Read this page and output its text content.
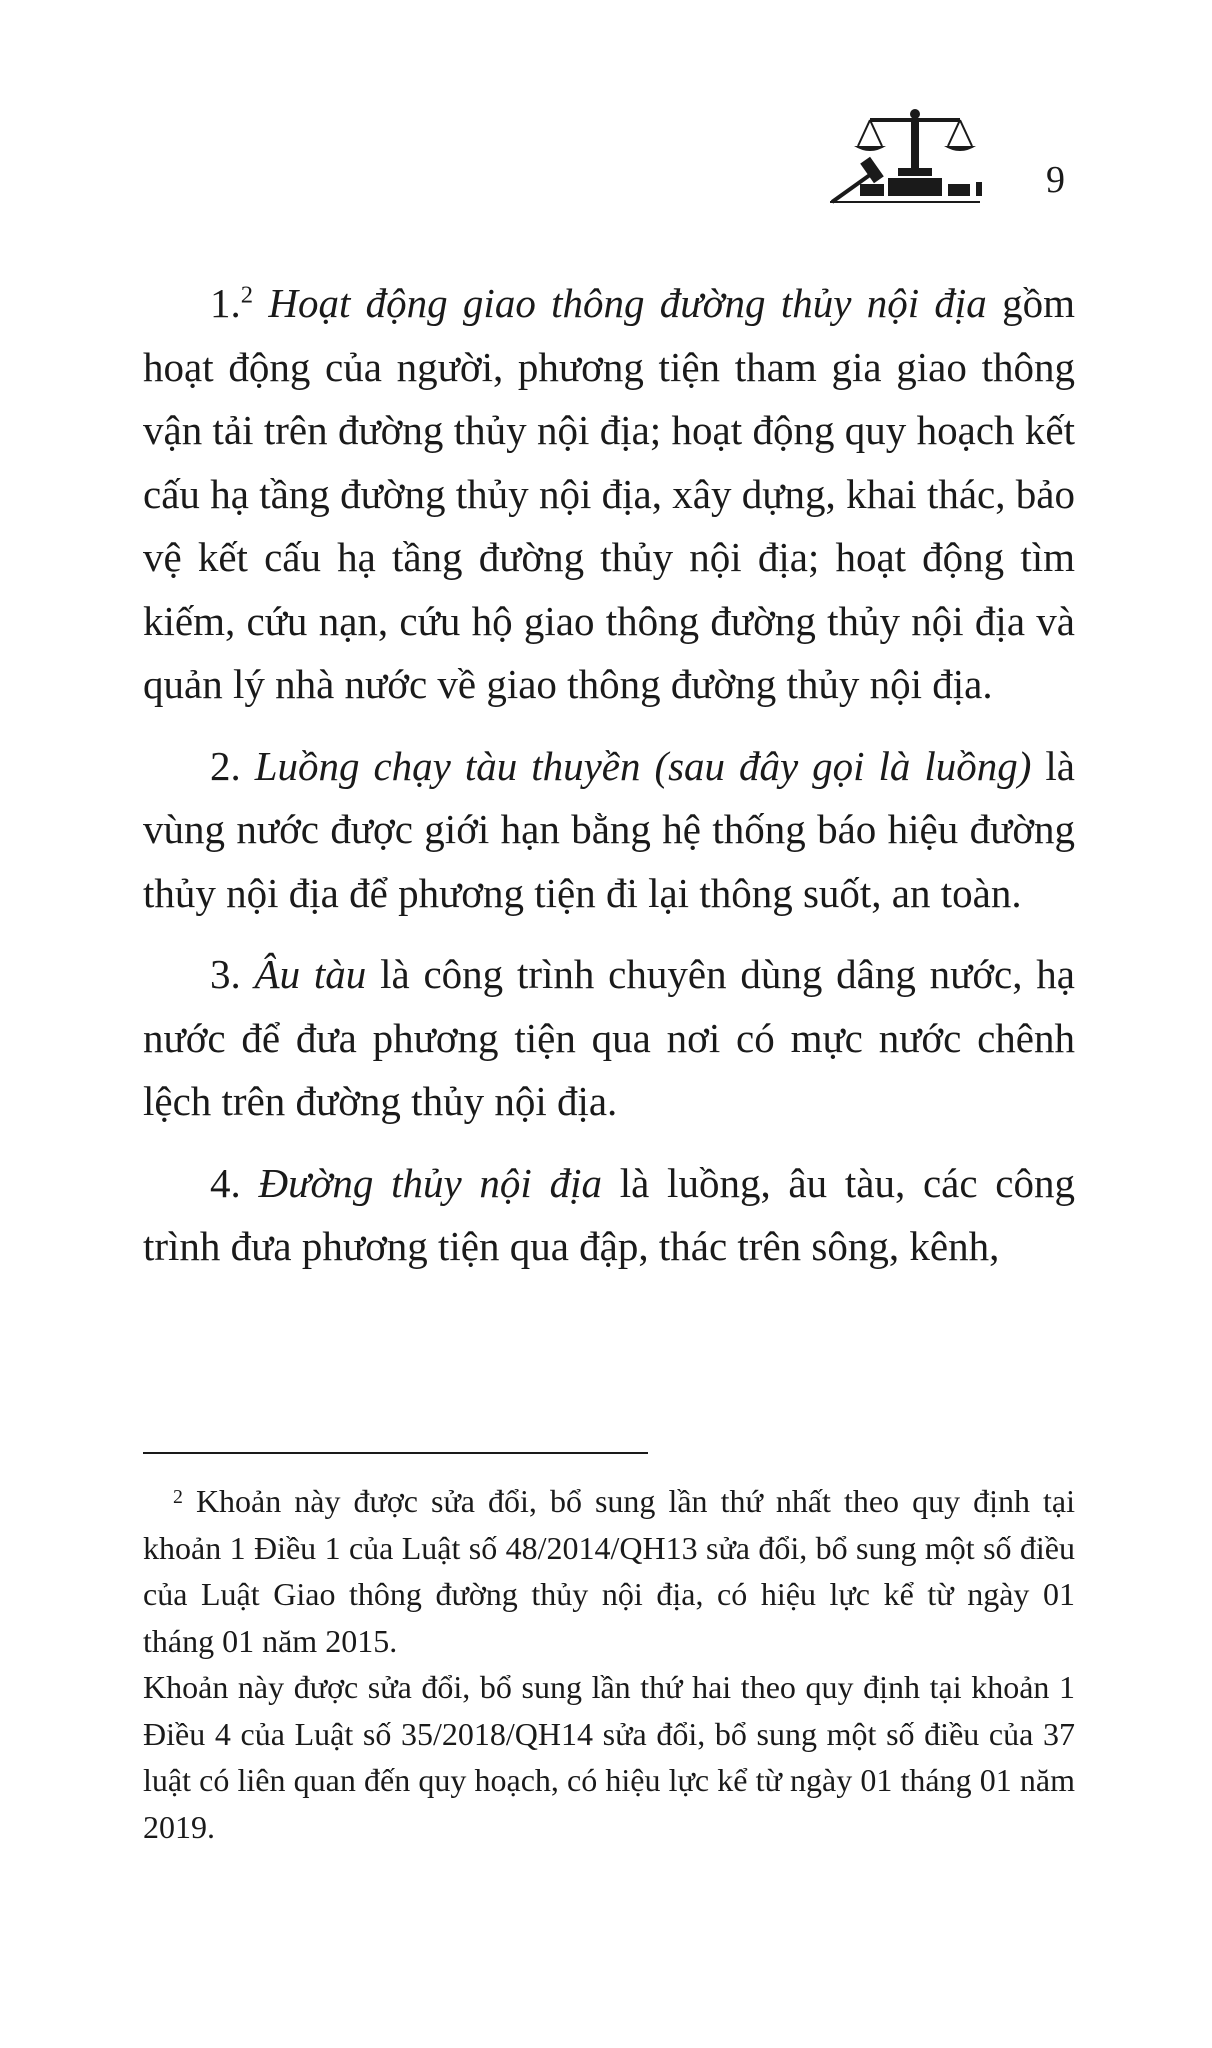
9

1.$^2$ Hoạt động giao thông đường thủy nội địa gồm hoạt động của người, phương tiện tham gia giao thông vận tải trên đường thủy nội địa; hoạt động quy hoạch kết cấu hạ tầng đường thủy nội địa, xây dựng, khai thác, bảo vệ kết cấu hạ tầng đường thủy nội địa; hoạt động tìm kiếm, cứu nạn, cứu hộ giao thông đường thủy nội địa và quản lý nhà nước về giao thông đường thủy nội địa.

2. Luồng chạy tàu thuyền (sau đây gọi là luồng) là vùng nước được giới hạn bằng hệ thống báo hiệu đường thủy nội địa để phương tiện đi lại thông suốt, an toàn.

3. Âu tàu là công trình chuyên dùng dâng nước, hạ nước để đưa phương tiện qua nơi có mực nước chênh lệch trên đường thủy nội địa.

4. Đường thủy nội địa là luồng, âu tàu, các công trình đưa phương tiện qua đập, thác trên sông, kênh,

$^2$ Khoản này được sửa đổi, bổ sung lần thứ nhất theo quy định tại khoản 1 Điều 1 của Luật số 48/2014/QH13 sửa đổi, bổ sung một số điều của Luật Giao thông đường thủy nội địa, có hiệu lực kể từ ngày 01 tháng 01 năm 2015.

Khoản này được sửa đổi, bổ sung lần thứ hai theo quy định tại khoản 1 Điều 4 của Luật số 35/2018/QH14 sửa đổi, bổ sung một số điều của 37 luật có liên quan đến quy hoạch, có hiệu lực kể từ ngày 01 tháng 01 năm 2019.
